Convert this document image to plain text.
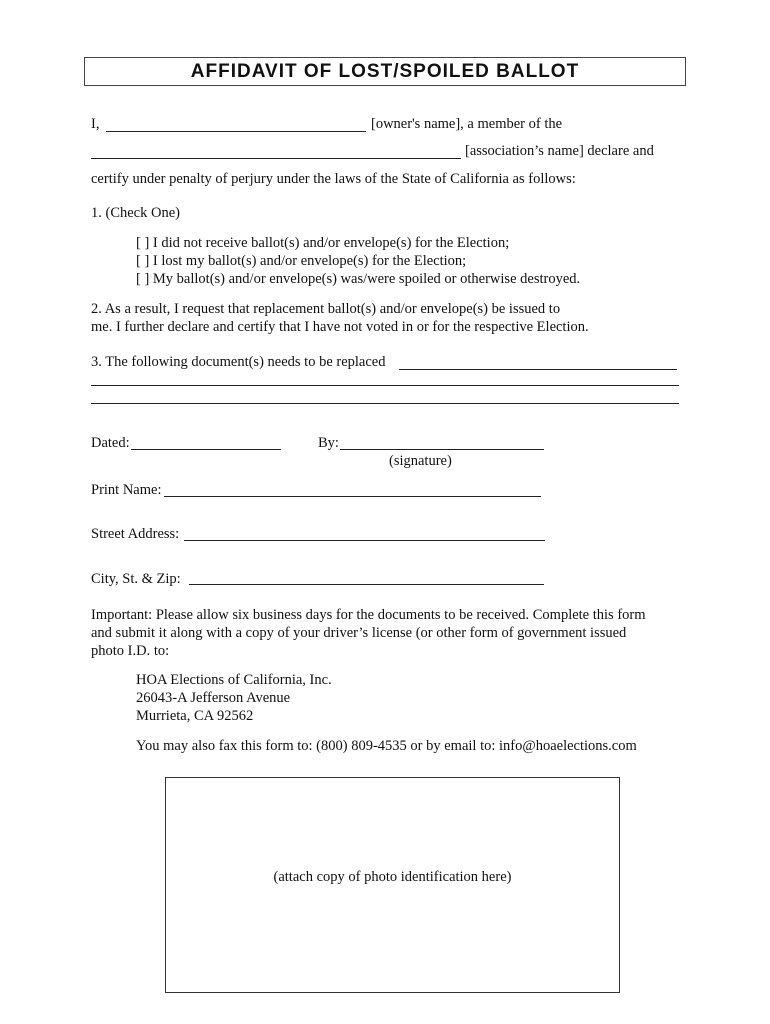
AFFIDAVIT OF LOST/SPOILED BALLOT
I,	[owner's name], a member of the
[association’s name] declare and
certify under penalty of perjury under the laws of the State of California as follows:
1. (Check One)
[ ] I did not receive ballot(s) and/or envelope(s) for the Election;
[ ] I lost my ballot(s) and/or envelope(s) for the Election;
[ ] My ballot(s) and/or envelope(s) was/were spoiled or otherwise destroyed.
2. As a result, I request that replacement ballot(s) and/or envelope(s) be issued to
me. I further declare and certify that I have not voted in or for the respective Election.
3. The following document(s) needs to be replaced
Dated:	By:
(signature)
Print Name:
Street Address:
City, St. & Zip:
Important: Please allow six business days for the documents to be received. Complete this form
and submit it along with a copy of your driver’s license (or other form of government issued
photo I.D. to:
HOA Elections of California, Inc.
26043-A Jefferson Avenue
Murrieta, CA 92562
You may also fax this form to: (800) 809-4535 or by email to: info@hoaelections.com
(attach copy of photo identification here)
